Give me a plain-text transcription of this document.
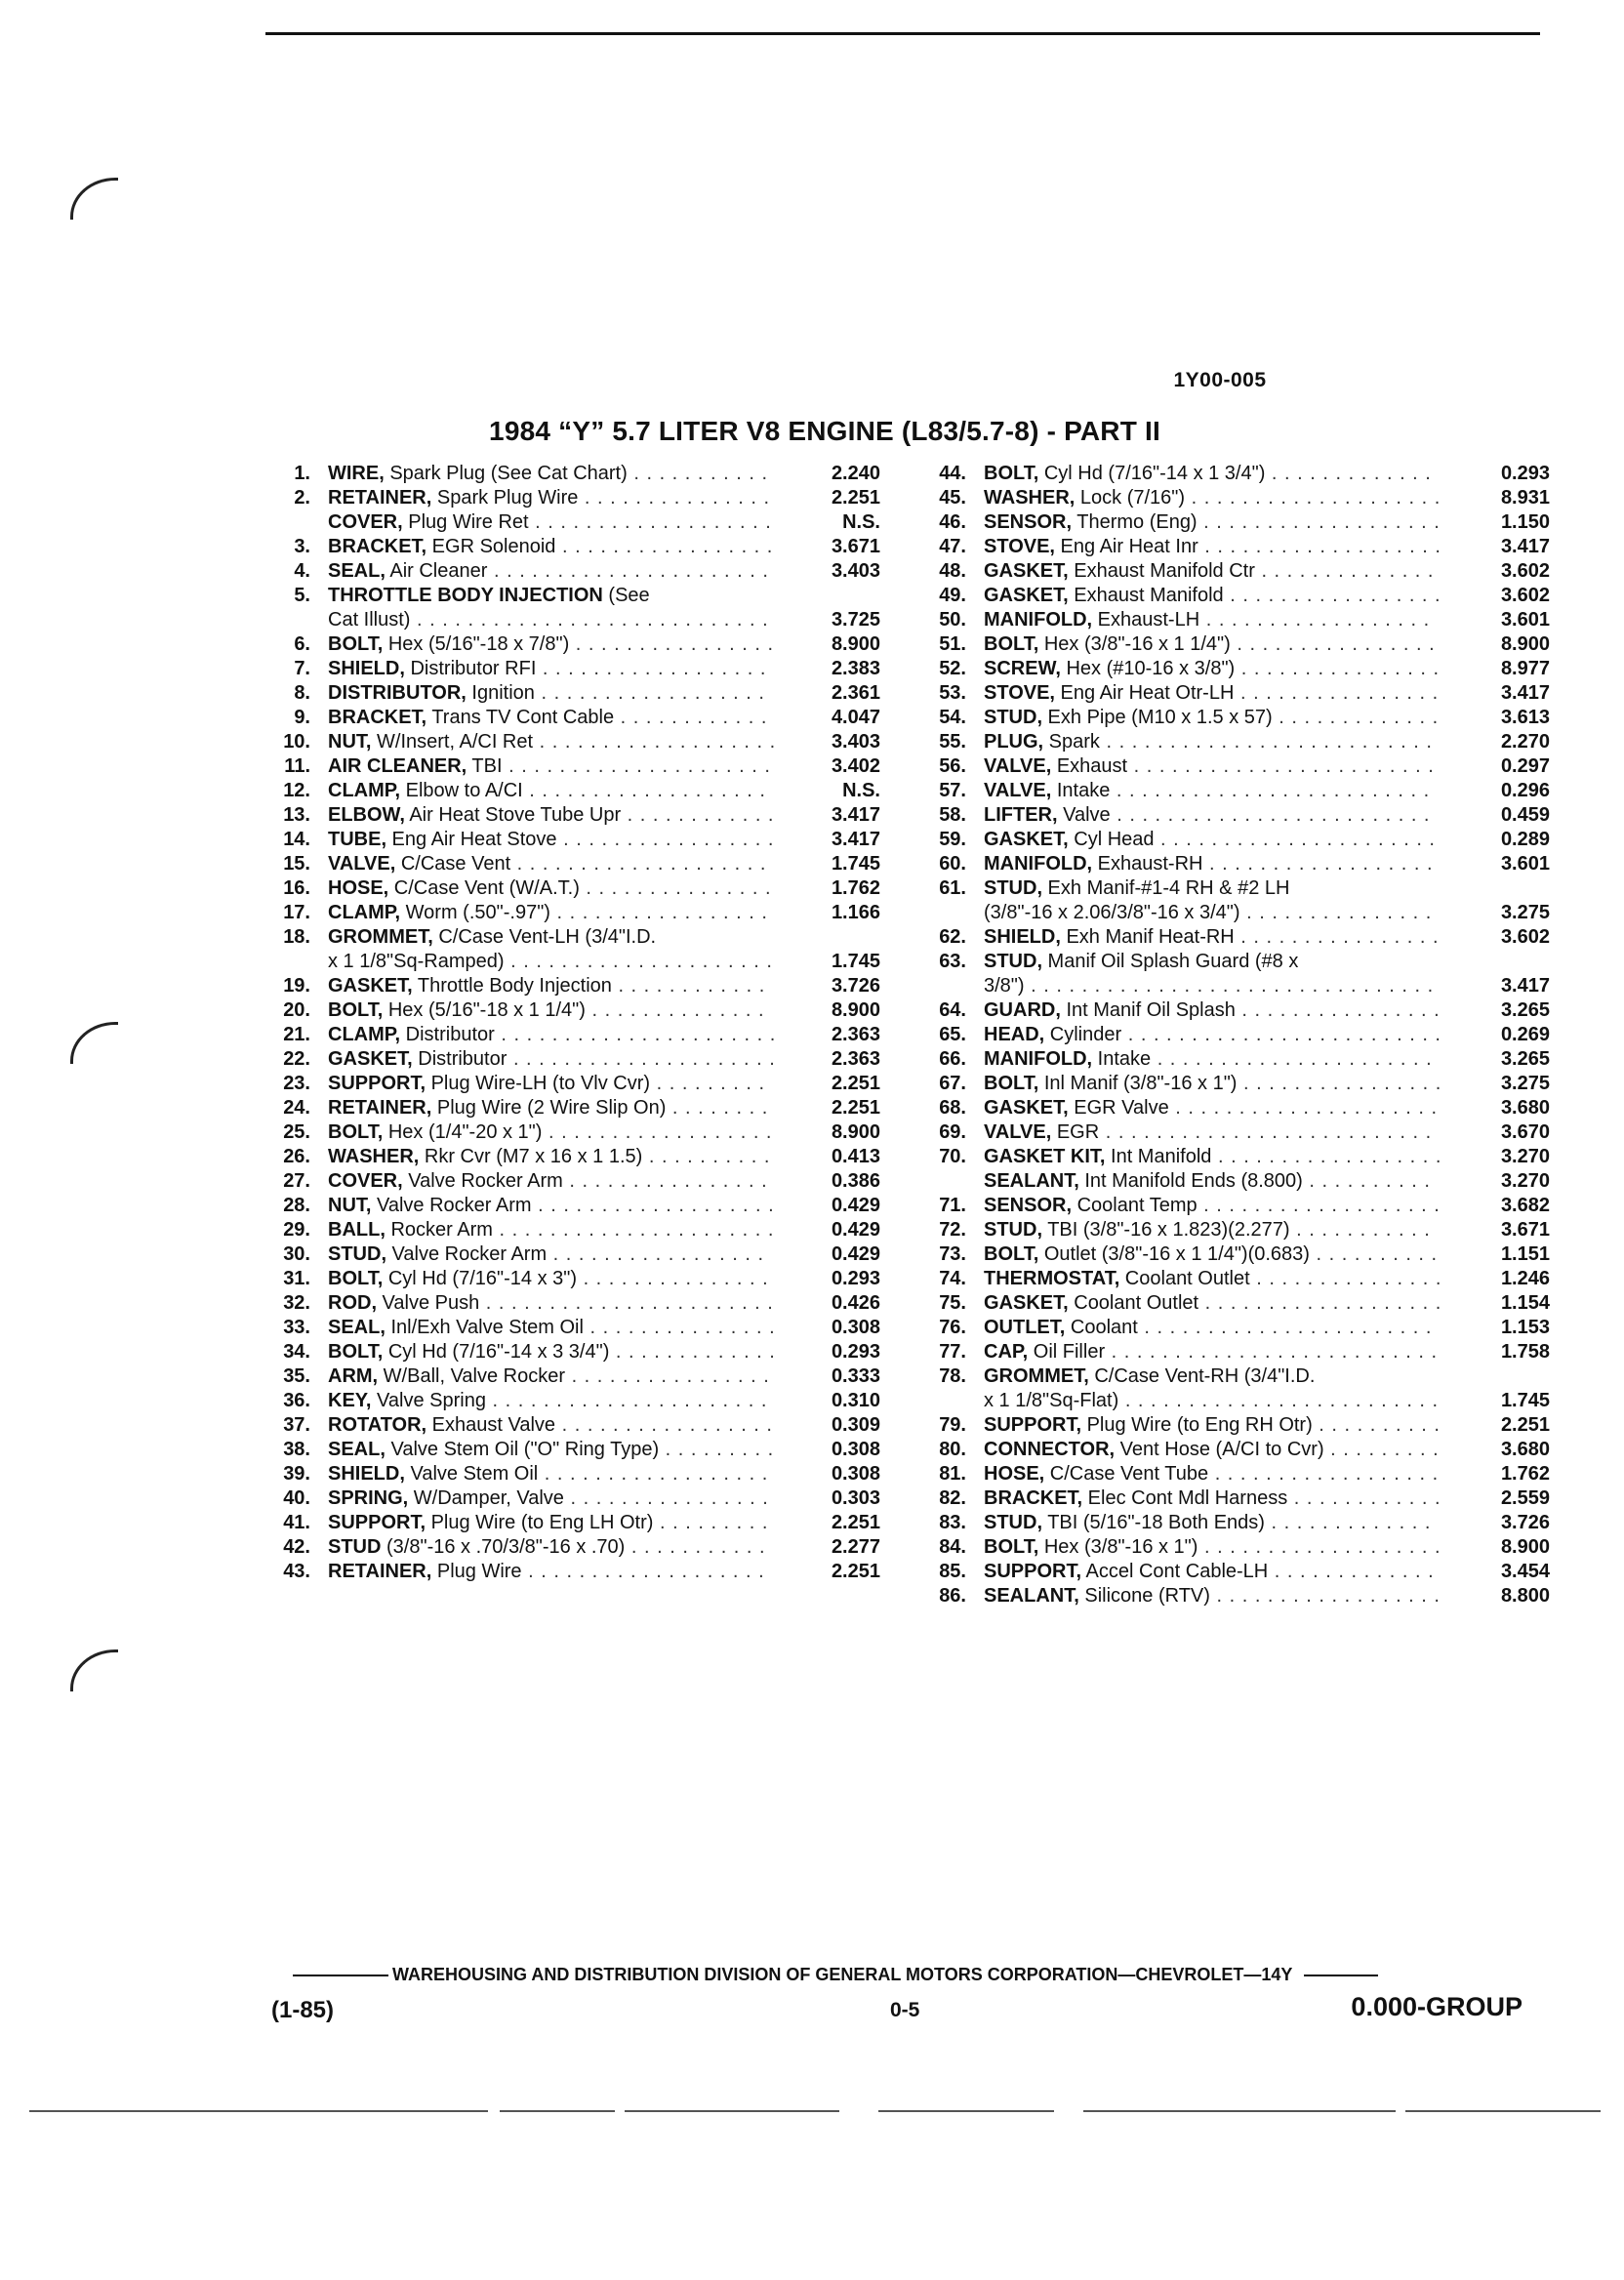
1Y00-005
1984 “Y” 5.7 LITER V8 ENGINE (L83/5.7-8) - PART II
1. WIRE, Spark Plug (See Cat Chart) . . . . . . . . . . .	2.240
2. RETAINER, Spark Plug Wire . . . . . . . . . . . . . . .	2.251
COVER, Plug Wire Ret . . . . . . . . . . . . . . . . . . .	N.S.
3. BRACKET, EGR Solenoid . . . . . . . . . . . . . . . . .	3.671
4. SEAL, Air Cleaner . . . . . . . . . . . . . . . . . . . . . .	3.403
5. THROTTLE BODY INJECTION (See
Cat Illust) . . . . . . . . . . . . . . . . . . . . . . . . . . . .	3.725
6. BOLT, Hex (5/16"-18 x 7/8") . . . . . . . . . . . . . . . .	8.900
7. SHIELD, Distributor RFI . . . . . . . . . . . . . . . . . .	2.383
8. DISTRIBUTOR, Ignition . . . . . . . . . . . . . . . . . .	2.361
9. BRACKET, Trans TV Cont Cable . . . . . . . . . . . .	4.047
10. NUT, W/Insert, A/CI Ret . . . . . . . . . . . . . . . . . . .	3.403
11. AIR CLEANER, TBI . . . . . . . . . . . . . . . . . . . . .	3.402
12. CLAMP, Elbow to A/CI . . . . . . . . . . . . . . . . . . .	N.S.
13. ELBOW, Air Heat Stove Tube Upr . . . . . . . . . . . .	3.417
14. TUBE, Eng Air Heat Stove . . . . . . . . . . . . . . . . .	3.417
15. VALVE, C/Case Vent . . . . . . . . . . . . . . . . . . . .	1.745
16. HOSE, C/Case Vent (W/A.T.) . . . . . . . . . . . . . . .	1.762
17. CLAMP, Worm (.50"-.97") . . . . . . . . . . . . . . . . .	1.166
18. GROMMET, C/Case Vent-LH (3/4"I.D.
x 1 1/8"Sq-Ramped) . . . . . . . . . . . . . . . . . . . . .	1.745
19. GASKET, Throttle Body Injection . . . . . . . . . . . .	3.726
20. BOLT, Hex (5/16"-18 x 1 1/4") . . . . . . . . . . . . . .	8.900
21. CLAMP, Distributor . . . . . . . . . . . . . . . . . . . . . .	2.363
22. GASKET, Distributor . . . . . . . . . . . . . . . . . . . . .	2.363
23. SUPPORT, Plug Wire-LH (to Vlv Cvr) . . . . . . . . .	2.251
24. RETAINER, Plug Wire (2 Wire Slip On) . . . . . . . .	2.251
25. BOLT, Hex (1/4"-20 x 1") . . . . . . . . . . . . . . . . . .	8.900
26. WASHER, Rkr Cvr (M7 x 16 x 1 1.5) . . . . . . . . . .	0.413
27. COVER, Valve Rocker Arm . . . . . . . . . . . . . . . .	0.386
28. NUT, Valve Rocker Arm . . . . . . . . . . . . . . . . . . .	0.429
29. BALL, Rocker Arm . . . . . . . . . . . . . . . . . . . . . .	0.429
30. STUD, Valve Rocker Arm . . . . . . . . . . . . . . . . .	0.429
31. BOLT, Cyl Hd (7/16"-14 x 3") . . . . . . . . . . . . . . .	0.293
32. ROD, Valve Push . . . . . . . . . . . . . . . . . . . . . . .	0.426
33. SEAL, Inl/Exh Valve Stem Oil . . . . . . . . . . . . . . .	0.308
34. BOLT, Cyl Hd (7/16"-14 x 3 3/4") . . . . . . . . . . . . .	0.293
35. ARM, W/Ball, Valve Rocker . . . . . . . . . . . . . . . .	0.333
36. KEY, Valve Spring . . . . . . . . . . . . . . . . . . . . . .	0.310
37. ROTATOR, Exhaust Valve . . . . . . . . . . . . . . . . .	0.309
38. SEAL, Valve Stem Oil ("O" Ring Type) . . . . . . . . .	0.308
39. SHIELD, Valve Stem Oil . . . . . . . . . . . . . . . . . .	0.308
40. SPRING, W/Damper, Valve . . . . . . . . . . . . . . . .	0.303
41. SUPPORT, Plug Wire (to Eng LH Otr) . . . . . . . . .	2.251
42. STUD (3/8"-16 x .70/3/8"-16 x .70) . . . . . . . . . . .	2.277
43. RETAINER, Plug Wire . . . . . . . . . . . . . . . . . . .	2.251
44. BOLT, Cyl Hd (7/16"-14 x 1 3/4") . . . . . . . . . . . . .	0.293
45. WASHER, Lock (7/16") . . . . . . . . . . . . . . . . . . . .	8.931
46. SENSOR, Thermo (Eng) . . . . . . . . . . . . . . . . . . .	1.150
47. STOVE, Eng Air Heat Inr . . . . . . . . . . . . . . . . . . .	3.417
48. GASKET, Exhaust Manifold Ctr . . . . . . . . . . . . . .	3.602
49. GASKET, Exhaust Manifold . . . . . . . . . . . . . . . . .	3.602
50. MANIFOLD, Exhaust-LH . . . . . . . . . . . . . . . . . .	3.601
51. BOLT, Hex (3/8"-16 x 1 1/4") . . . . . . . . . . . . . . . .	8.900
52. SCREW, Hex (#10-16 x 3/8") . . . . . . . . . . . . . . . .	8.977
53. STOVE, Eng Air Heat Otr-LH . . . . . . . . . . . . . . . .	3.417
54. STUD, Exh Pipe (M10 x 1.5 x 57) . . . . . . . . . . . . .	3.613
55. PLUG, Spark . . . . . . . . . . . . . . . . . . . . . . . . . .	2.270
56. VALVE, Exhaust . . . . . . . . . . . . . . . . . . . . . . . .	0.297
57. VALVE, Intake . . . . . . . . . . . . . . . . . . . . . . . . .	0.296
58. LIFTER, Valve . . . . . . . . . . . . . . . . . . . . . . . . .	0.459
59. GASKET, Cyl Head . . . . . . . . . . . . . . . . . . . . . .	0.289
60. MANIFOLD, Exhaust-RH . . . . . . . . . . . . . . . . . .	3.601
61. STUD, Exh Manif-#1-4 RH & #2 LH
(3/8"-16 x 2.06/3/8"-16 x 3/4") . . . . . . . . . . . . . . .	3.275
62. SHIELD, Exh Manif Heat-RH . . . . . . . . . . . . . . . .	3.602
63. STUD, Manif Oil Splash Guard (#8 x
3/8") . . . . . . . . . . . . . . . . . . . . . . . . . . . . . . . .	3.417
64. GUARD, Int Manif Oil Splash . . . . . . . . . . . . . . . .	3.265
65. HEAD, Cylinder . . . . . . . . . . . . . . . . . . . . . . . . .	0.269
66. MANIFOLD, Intake . . . . . . . . . . . . . . . . . . . . . .	3.265
67. BOLT, Inl Manif (3/8"-16 x 1") . . . . . . . . . . . . . . . .	3.275
68. GASKET, EGR Valve . . . . . . . . . . . . . . . . . . . . .	3.680
69. VALVE, EGR . . . . . . . . . . . . . . . . . . . . . . . . . .	3.670
70. GASKET KIT, Int Manifold . . . . . . . . . . . . . . . . . .	3.270
SEALANT, Int Manifold Ends (8.800) . . . . . . . . . .	3.270
71. SENSOR, Coolant Temp . . . . . . . . . . . . . . . . . . .	3.682
72. STUD, TBI (3/8"-16 x 1.823)(2.277) . . . . . . . . . . .	3.671
73. BOLT, Outlet (3/8"-16 x 1 1/4")(0.683) . . . . . . . . . .	1.151
74. THERMOSTAT, Coolant Outlet . . . . . . . . . . . . . . .	1.246
75. GASKET, Coolant Outlet . . . . . . . . . . . . . . . . . . .	1.154
76. OUTLET, Coolant . . . . . . . . . . . . . . . . . . . . . . .	1.153
77. CAP, Oil Filler . . . . . . . . . . . . . . . . . . . . . . . . . .	1.758
78. GROMMET, C/Case Vent-RH (3/4"I.D.
x 1 1/8"Sq-Flat) . . . . . . . . . . . . . . . . . . . . . . . . .	1.745
79. SUPPORT, Plug Wire (to Eng RH Otr) . . . . . . . . . .	2.251
80. CONNECTOR, Vent Hose (A/CI to Cvr) . . . . . . . . .	3.680
81. HOSE, C/Case Vent Tube . . . . . . . . . . . . . . . . . .	1.762
82. BRACKET, Elec Cont Mdl Harness . . . . . . . . . . . .	2.559
83. STUD, TBI (5/16"-18 Both Ends) . . . . . . . . . . . . .	3.726
84. BOLT, Hex (3/8"-16 x 1") . . . . . . . . . . . . . . . . . . .	8.900
85. SUPPORT, Accel Cont Cable-LH . . . . . . . . . . . . .	3.454
86. SEALANT, Silicone (RTV) . . . . . . . . . . . . . . . . . .	8.800
WAREHOUSING AND DISTRIBUTION DIVISION OF GENERAL MOTORS CORPORATION—CHEVROLET—14Y
(1-85)	0-5	0.000-GROUP
